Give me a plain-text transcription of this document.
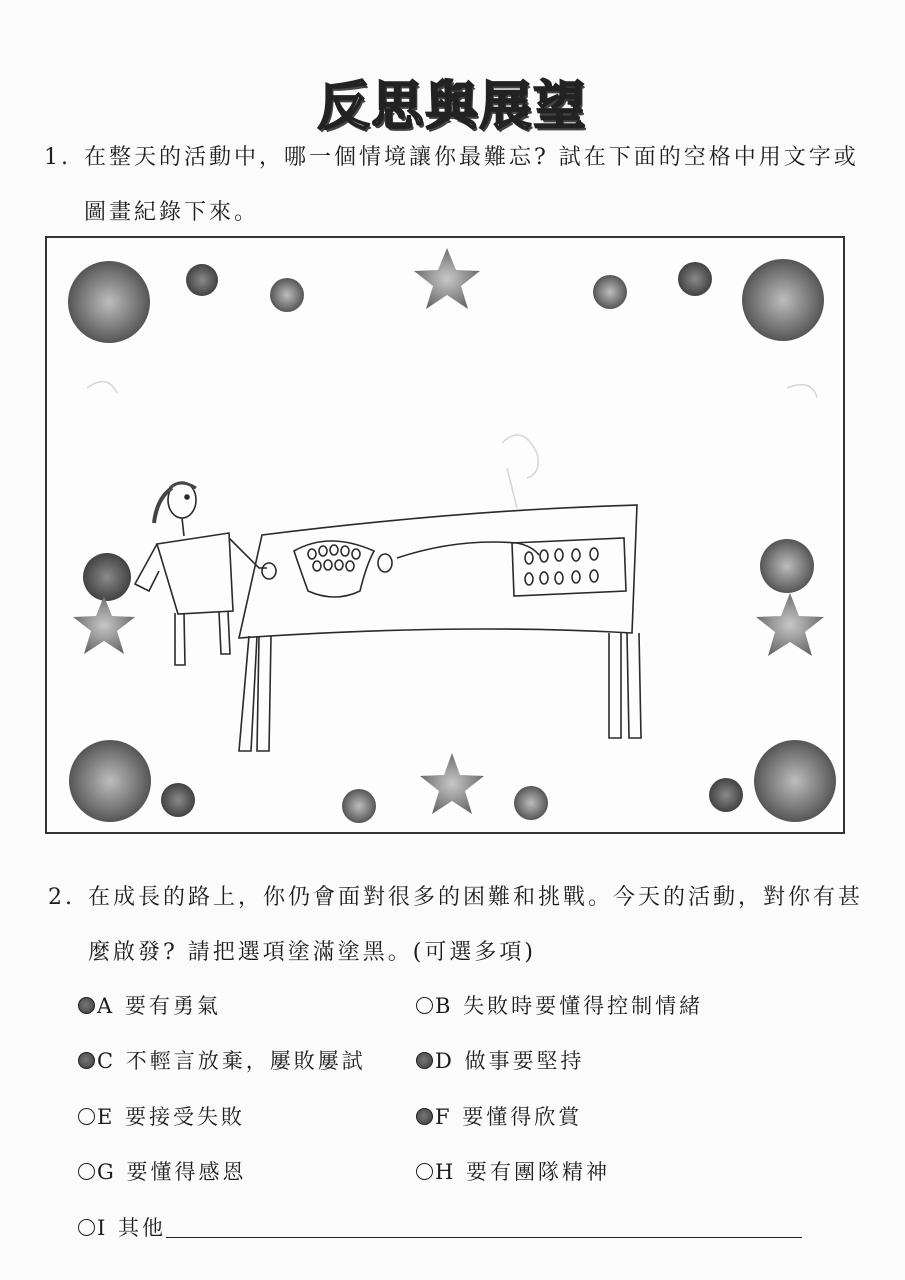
反思與展望
1. 在整天的活動中，哪一個情境讓你最難忘? 試在下面的空格中用文字或
圖畫紀錄下來。
2. 在成長的路上，你仍會面對很多的困難和挑戰。今天的活動，對你有甚
麼啟發? 請把選項塗滿塗黑。(可選多項)
A 要有勇氣	B 失敗時要懂得控制情緒
C 不輕言放棄，屢敗屢試	D 做事要堅持
E 要接受失敗	F 要懂得欣賞
G 要懂得感恩	H 要有團隊精神
I 其他
